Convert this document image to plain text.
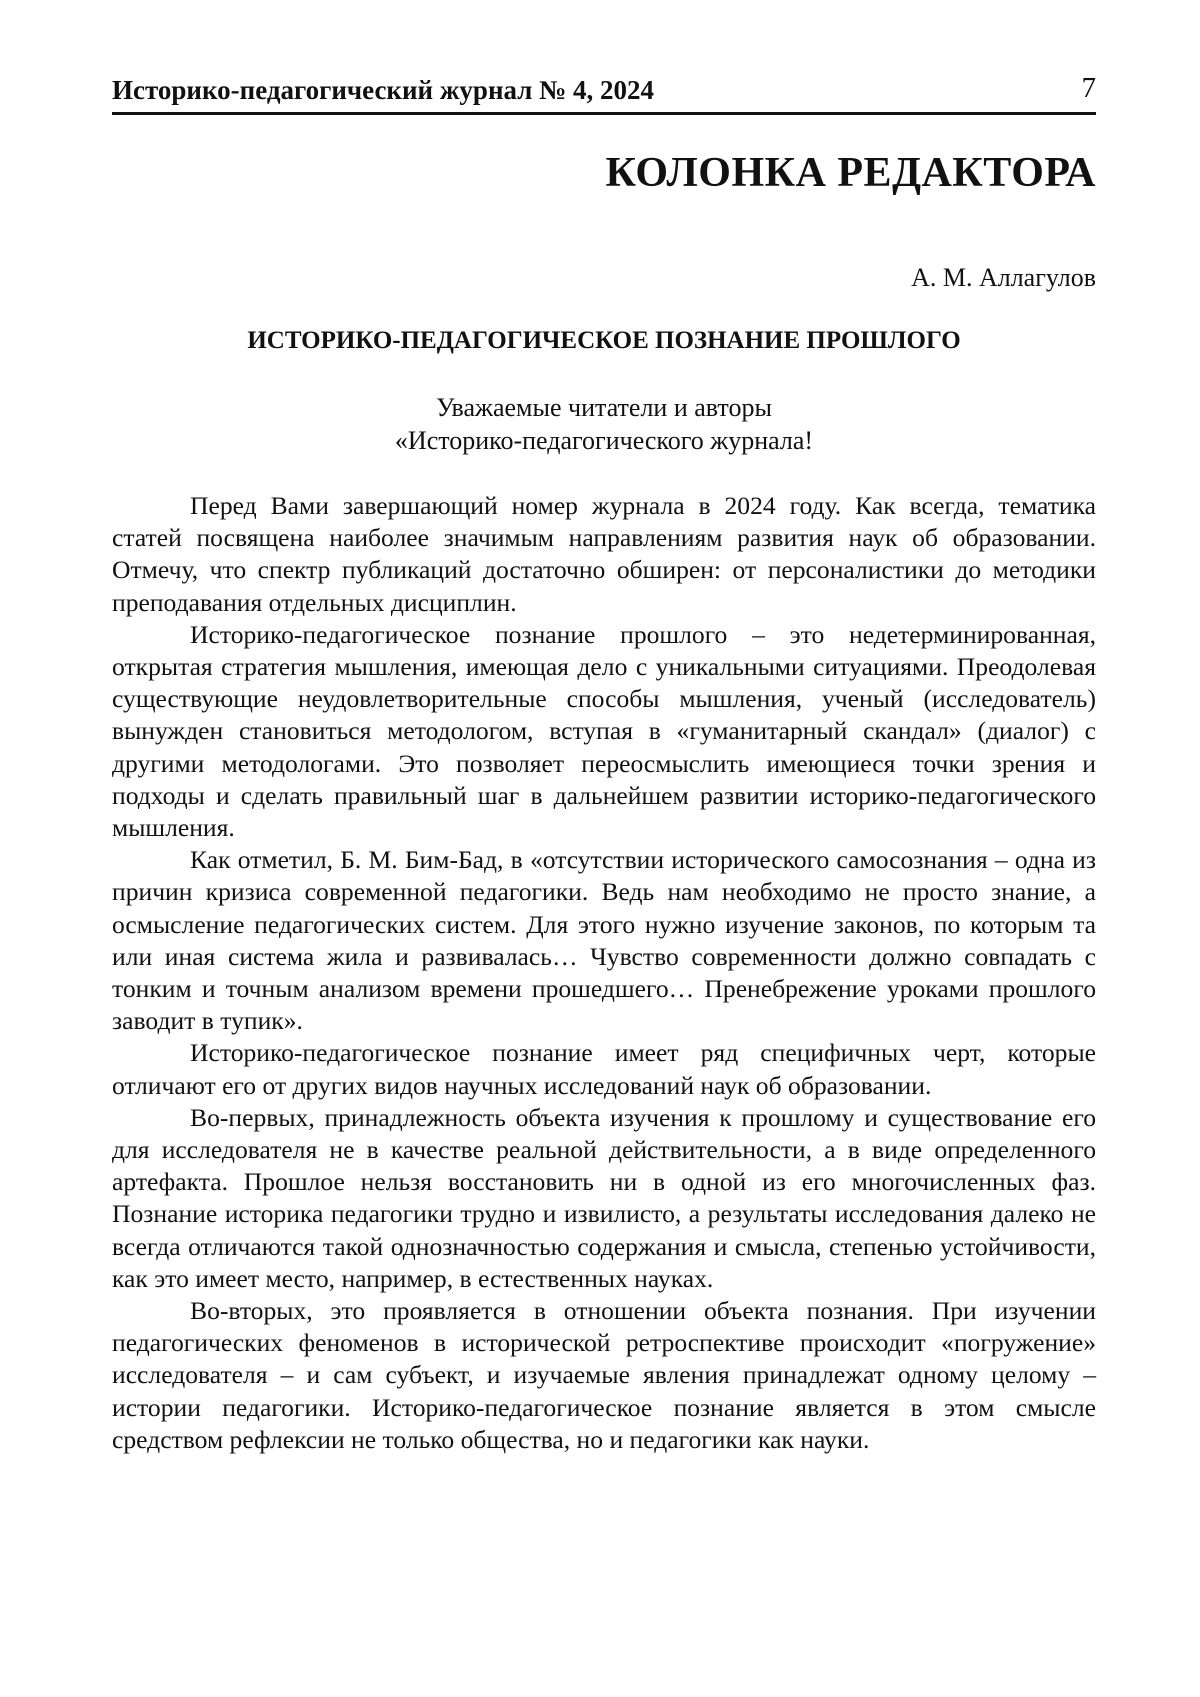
Историко-педагогический журнал № 4, 2024	7
КОЛОНКА РЕДАКТОРА
А. М. Аллагулов
ИСТОРИКО-ПЕДАГОГИЧЕСКОЕ ПОЗНАНИЕ ПРОШЛОГО
Уважаемые читатели и авторы
«Историко-педагогического журнала!

Перед Вами завершающий номер журнала в 2024 году. Как всегда, тематика статей посвящена наиболее значимым направлениям развития наук об образовании. Отмечу, что спектр публикаций достаточно обширен: от персоналистики до методики преподавания отдельных дисциплин.

Историко-педагогическое познание прошлого – это недетерминированная, открытая стратегия мышления, имеющая дело с уникальными ситуациями. Преодолевая существующие неудовлетворительные способы мышления, ученый (исследователь) вынужден становиться методологом, вступая в «гуманитарный скандал» (диалог) с другими методологами. Это позволяет переосмыслить имеющиеся точки зрения и подходы и сделать правильный шаг в дальнейшем развитии историко-педагогического мышления.

Как отметил, Б. М. Бим-Бад, в «отсутствии исторического самосознания – одна из причин кризиса современной педагогики. Ведь нам необходимо не просто знание, а осмысление педагогических систем. Для этого нужно изучение законов, по которым та или иная система жила и развивалась… Чувство современности должно совпадать с тонким и точным анализом времени прошедшего… Пренебрежение уроками прошлого заводит в тупик».

Историко-педагогическое познание имеет ряд специфичных черт, которые отличают его от других видов научных исследований наук об образовании.

Во-первых, принадлежность объекта изучения к прошлому и существование его для исследователя не в качестве реальной действительности, а в виде определенного артефакта. Прошлое нельзя восстановить ни в одной из его многочисленных фаз. Познание историка педагогики трудно и извилисто, а результаты исследования далеко не всегда отличаются такой однозначностью содержания и смысла, степенью устойчивости, как это имеет место, например, в естественных науках.

Во-вторых, это проявляется в отношении объекта познания. При изучении педагогических феноменов в исторической ретроспективе происходит «погружение» исследователя – и сам субъект, и изучаемые явления принадлежат одному целому – истории педагогики. Историко-педагогическое познание является в этом смысле средством рефлексии не только общества, но и педагогики как науки.
